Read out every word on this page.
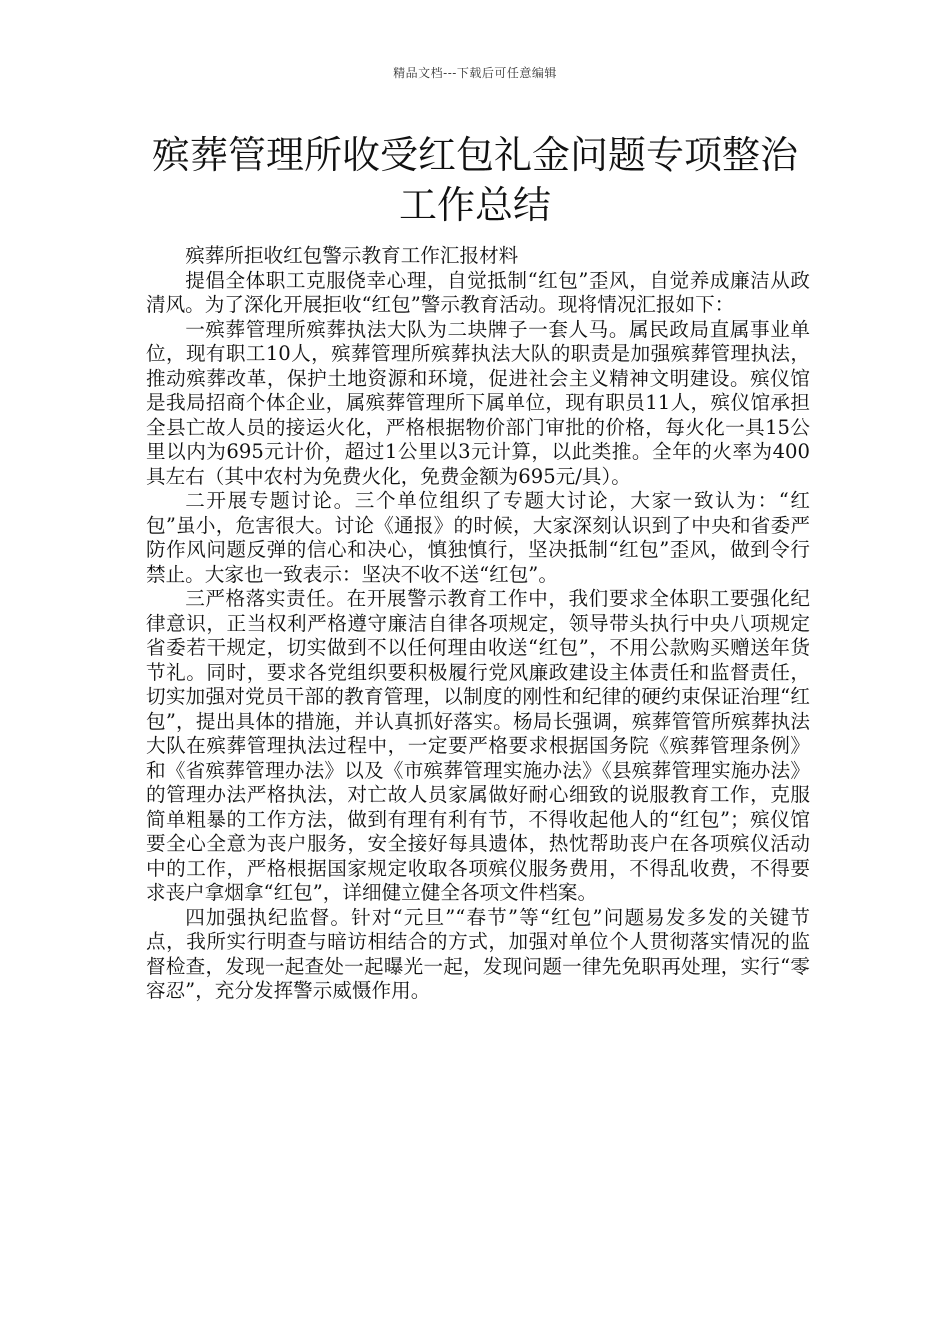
精品文档---下载后可任意编辑
殡葬管理所收受红包礼金问题专项整治
工作总结

殡葬所拒收红包警示教育工作汇报材料

提倡全体职工克服侥幸心理，自觉抵制“红包”歪风，自觉养成廉洁从政清风。为了深化开展拒收“红包”警示教育活动。现将情况汇报如下：

一殡葬管理所殡葬执法大队为二块牌子一套人马。属民政局直属事业单位，现有职工10人，殡葬管理所殡葬执法大队的职责是加强殡葬管理执法，推动殡葬改革，保护土地资源和环境，促进社会主义精神文明建设。殡仪馆是我局招商个体企业，属殡葬管理所下属单位，现有职员11人，殡仪馆承担全县亡故人员的接运火化，严格根据物价部门审批的价格，每火化一具15公里以内为695元计价，超过1公里以3元计算，以此类推。全年的火率为400具左右（其中农村为免费火化，免费金额为695元/具）。

二开展专题讨论。三个单位组织了专题大讨论，大家一致认为：“红包”虽小，危害很大。讨论《通报》的时候，大家深刻认识到了中央和省委严防作风问题反弹的信心和决心，慎独慎行，坚决抵制“红包”歪风，做到令行禁止。大家也一致表示：坚决不收不送“红包”。

三严格落实责任。在开展警示教育工作中，我们要求全体职工要强化纪律意识，正当权利严格遵守廉洁自律各项规定，领导带头执行中央八项规定省委若干规定，切实做到不以任何理由收送“红包”，不用公款购买赠送年货节礼。同时，要求各党组织要积极履行党风廉政建设主体责任和监督责任，切实加强对党员干部的教育管理，以制度的刚性和纪律的硬约束保证治理“红包”，提出具体的措施，并认真抓好落实。杨局长强调，殡葬管管所殡葬执法大队在殡葬管理执法过程中，一定要严格要求根据国务院《殡葬管理条例》和《省殡葬管理办法》以及《市殡葬管理实施办法》《县殡葬管理实施办法》的管理办法严格执法，对亡故人员家属做好耐心细致的说服教育工作，克服简单粗暴的工作方法，做到有理有利有节，不得收起他人的“红包”；殡仪馆要全心全意为丧户服务，安全接好每具遗体，热忱帮助丧户在各项殡仪活动中的工作，严格根据国家规定收取各项殡仪服务费用，不得乱收费，不得要求丧户拿烟拿“红包”，详细健立健全各项文件档案。

四加强执纪监督。针对“元旦”“春节”等“红包”问题易发多发的关键节点，我所实行明查与暗访相结合的方式，加强对单位个人贯彻落实情况的监督检查，发现一起查处一起曝光一起，发现问题一律先免职再处理，实行“零容忍”，充分发挥警示威慑作用。
